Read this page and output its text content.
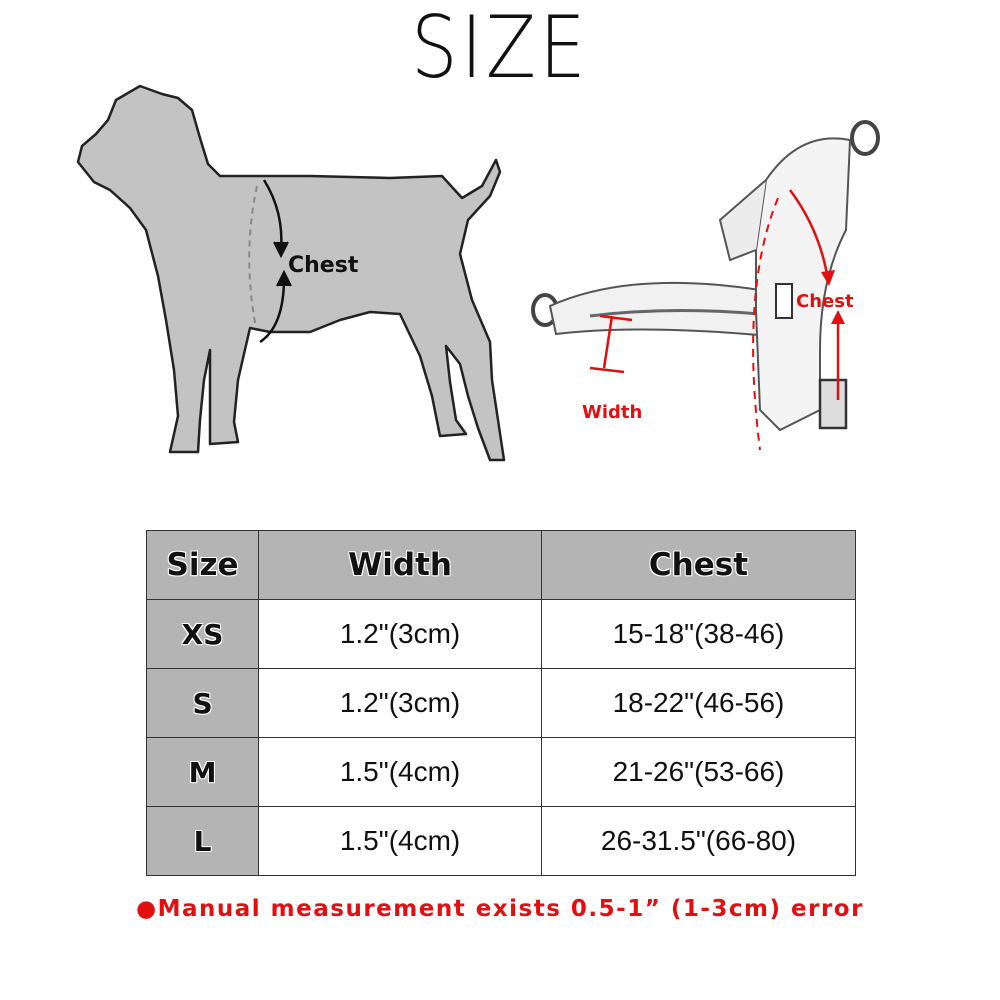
SIZE
Chest
Chest
Width
Size	Width	Chest
XS	1.2"(3cm)	15-18"(38-46)
S	1.2"(3cm)	18-22"(46-56)
M	1.5"(4cm)	21-26"(53-66)
L	1.5"(4cm)	26-31.5"(66-80)
●Manual measurement exists 0.5-1” (1-3cm) error
